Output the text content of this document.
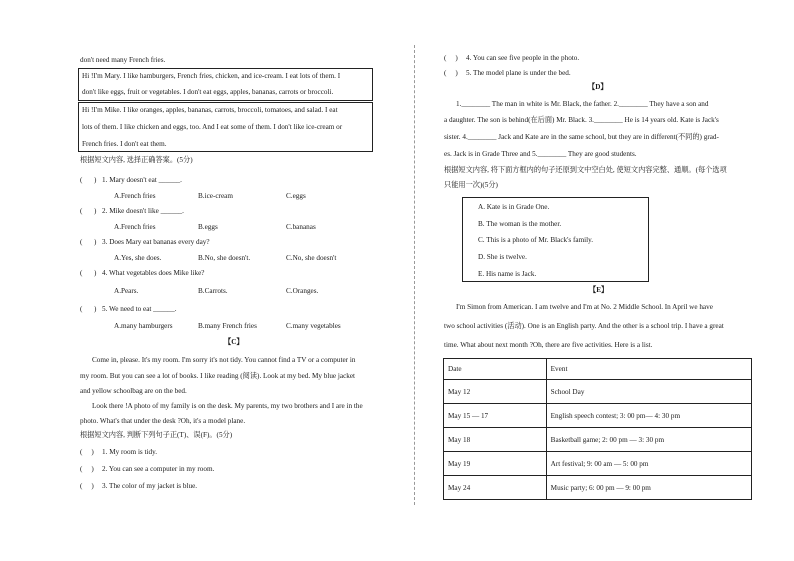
don't need many French fries.
Hi !I'm Mary. I like hamburgers, French fries, chicken, and ice-cream. I eat lots of them. I
don't like eggs, fruit or vegetables. I don't eat eggs, apples, bananas, carrots or broccoli.
Hi !I'm Mike. I like oranges, apples, bananas, carrots, broccoli, tomatoes, and salad. I eat
lots of them. I like chicken and eggs, too. And I eat some of them. I don't like ice-cream or
French fries. I don't eat them.
根据短文内容, 选择正确答案。(5分)
( ) 1. Mary doesn't eat ______.
A.French fries	B.ice-cream	C.eggs
( ) 2. Mike doesn't like ______.
A.French fries	B.eggs	C.bananas
( ) 3. Does Mary eat bananas every day?
A.Yes, she does.	B.No, she doesn't.	C.No, she doesn't
( ) 4. What vegetables does Mike like?
A.Pears.	B.Carrots.	C.Oranges.
( ) 5. We need to eat ______.
A.many hamburgers	B.many French fries	C.many vegetables
【C】
Come in, please. It's my room. I'm sorry it's not tidy. You cannot find a TV or a computer in
my room. But you can see a lot of books. I like reading (阅读). Look at my bed. My blue jacket
and yellow schoolbag are on the bed.
Look there !A photo of my family is on the desk. My parents, my two brothers and I are in the
photo. What's that under the desk ?Oh, it's a model plane.
根据短文内容, 判断下列句子正(T)、误(F)。(5分)
(     ) 1. My room is tidy.
(     ) 2. You can see a computer in my room.
(     ) 3. The color of my jacket is blue.
(     ) 4. You can see five people in the photo.
(     ) 5. The model plane is under the bed.
【D】
1.________ The man in white is Mr. Black, the father. 2.________ They have a son and
a daughter. The son is behind(在后面) Mr. Black. 3.________ He is 14 years old. Kate is Jack's
sister. 4.________ Jack and Kate are in the same school, but they are in different(不同的) grad-
es. Jack is in Grade Three and 5.________ They are good students.
根据短文内容, 将下面方框内的句子还原到文中空白处, 使短文内容完整、通顺。(每个选项
只能用一次)(5分)
A. Kate is in Grade One.
B. The woman is the mother.
C. This is a photo of Mr. Black's family.
D. She is twelve.
E. His name is Jack.
【E】
I'm Simon from American. I am twelve and I'm at No. 2 Middle School. In April we have
two school activities (活动). One is an English party. And the other is a school trip. I have a great
time. What about next month ?Oh, there are five activities. Here is a list.
Date	Event
May 12	School Day
May 15 — 17	English speech contest; 3: 00 pm— 4: 30 pm
May 18	Basketball game; 2: 00 pm — 3: 30 pm
May 19	Art festival; 9: 00 am — 5: 00 pm
May 24	Music party; 6: 00 pm — 9: 00 pm
